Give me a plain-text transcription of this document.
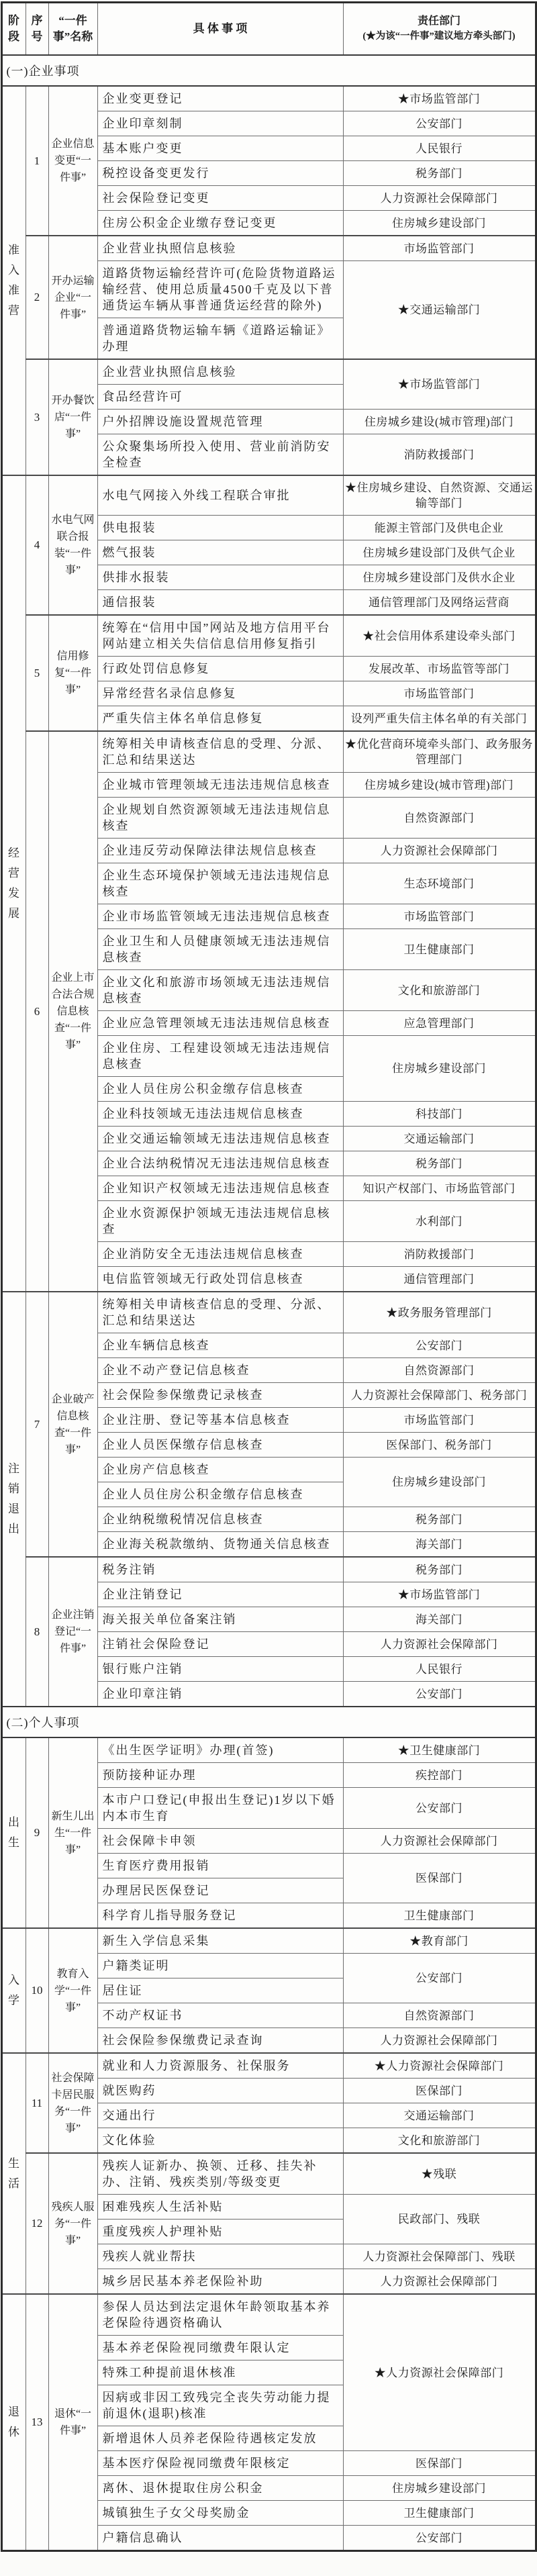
阶段	序号	“一件事”名称	具 体 事 项	责任部门
(★为该“一件事”建议地方牵头部门)

(一)企业事项				
准入准营	1	企业信息变更“一件事”	企业变更登记	★市场监管部门
			企业印章刻制	公安部门
			基本账户变更	人民银行
			税控设备变更发行	税务部门
			社会保险登记变更	人力资源社会保障部门
			住房公积金企业缴存登记变更	住房城乡建设部门
	2	开办运输企业“一件事”	企业营业执照信息核验	市场监管部门
			道路货物运输经营许可(危险货物道路运输经营、使用总质量4500千克及以下普通货运车辆从事普通货运经营的除外)	★交通运输部门
			普通道路货物运输车辆《道路运输证》办理	
	3	开办餐饮店“一件事”	企业营业执照信息核验	★市场监管部门
			食品经营许可	
			户外招牌设施设置规范管理	住房城乡建设(城市管理)部门
			公众聚集场所投入使用、营业前消防安全检查	消防救援部门
经营发展	4	水电气网联合报装“一件事”	水电气网接入外线工程联合审批	★住房城乡建设、自然资源、交通运输等部门
			供电报装	能源主管部门及供电企业
			燃气报装	住房城乡建设部门及供气企业
			供排水报装	住房城乡建设部门及供水企业
			通信报装	通信管理部门及网络运营商
	5	信用修复“一件事”	统筹在“信用中国”网站及地方信用平台网站建立相关失信信息信用修复指引	★社会信用体系建设牵头部门
			行政处罚信息修复	发展改革、市场监管等部门
			异常经营名录信息修复	市场监管部门
			严重失信主体名单信息修复	设列严重失信主体名单的有关部门
	6	企业上市合法合规信息核查“一件事”	统筹相关申请核查信息的受理、分派、汇总和结果送达	★优化营商环境牵头部门、政务服务管理部门
			企业城市管理领域无违法违规信息核查	住房城乡建设(城市管理)部门
			企业规划自然资源领域无违法违规信息核查	自然资源部门
			企业违反劳动保障法律法规信息核查	人力资源社会保障部门
			企业生态环境保护领域无违法违规信息核查	生态环境部门
			企业市场监管领域无违法违规信息核查	市场监管部门
			企业卫生和人员健康领域无违法违规信息核查	卫生健康部门
			企业文化和旅游市场领域无违法违规信息核查	文化和旅游部门
			企业应急管理领域无违法违规信息核查	应急管理部门
			企业住房、工程建设领域无违法违规信息核查	住房城乡建设部门
			企业人员住房公积金缴存信息核查	
			企业科技领域无违法违规信息核查	科技部门
			企业交通运输领域无违法违规信息核查	交通运输部门
			企业合法纳税情况无违法违规信息核查	税务部门
			企业知识产权领域无违法违规信息核查	知识产权部门、市场监管部门
			企业水资源保护领域无违法违规信息核查	水利部门
			企业消防安全无违法违规信息核查	消防救援部门
			电信监管领域无行政处罚信息核查	通信管理部门
注销退出	7	企业破产信息核查“一件事”	统筹相关申请核查信息的受理、分派、汇总和结果送达	★政务服务管理部门
			企业车辆信息核查	公安部门
			企业不动产登记信息核查	自然资源部门
			社会保险参保缴费记录核查	人力资源社会保障部门、税务部门
			企业注册、登记等基本信息核查	市场监管部门
			企业人员医保缴存信息核查	医保部门、税务部门
			企业房产信息核查	住房城乡建设部门
			企业人员住房公积金缴存信息核查	
			企业纳税缴税情况信息核查	税务部门
			企业海关税款缴纳、货物通关信息核查	海关部门
	8	企业注销登记“一件事”	税务注销	税务部门
			企业注销登记	★市场监管部门
			海关报关单位备案注销	海关部门
			注销社会保险登记	人力资源社会保障部门
			银行账户注销	人民银行
			企业印章注销	公安部门
(二)个人事项				
出生	9	新生儿出生“一件事”	《出生医学证明》办理(首签)	★卫生健康部门
			预防接种证办理	疾控部门
			本市户口登记(申报出生登记)1岁以下婚内本市生育	公安部门
			社会保障卡申领	人力资源社会保障部门
			生育医疗费用报销	医保部门
			办理居民医保登记	
			科学育儿指导服务登记	卫生健康部门
入学	10	教育入学“一件事”	新生入学信息采集	★教育部门
			户籍类证明	公安部门
			居住证	
			不动产权证书	自然资源部门
			社会保险参保缴费记录查询	人力资源社会保障部门
生活	11	社会保障卡居民服务“一件事”	就业和人力资源服务、社保服务	★人力资源社会保障部门
			就医购药	医保部门
			交通出行	交通运输部门
			文化体验	文化和旅游部门
	12	残疾人服务“一件事”	残疾人证新办、换领、迁移、挂失补办、注销、残疾类别/等级变更	★残联
			困难残疾人生活补贴	民政部门、残联
			重度残疾人护理补贴	
			残疾人就业帮扶	人力资源社会保障部门、残联
			城乡居民基本养老保险补助	人力资源社会保障部门
退休	13	退休“一件事”	参保人员达到法定退休年龄领取基本养老保险待遇资格确认	★人力资源社会保障部门
			基本养老保险视同缴费年限认定	
			特殊工种提前退休核准	
			因病或非因工致残完全丧失劳动能力提前退休(退职)核准	
			新增退休人员养老保险待遇核定发放	
			基本医疗保险视同缴费年限核定	医保部门
			离休、退休提取住房公积金	住房城乡建设部门
			城镇独生子女父母奖励金	卫生健康部门
			户籍信息确认	公安部门
